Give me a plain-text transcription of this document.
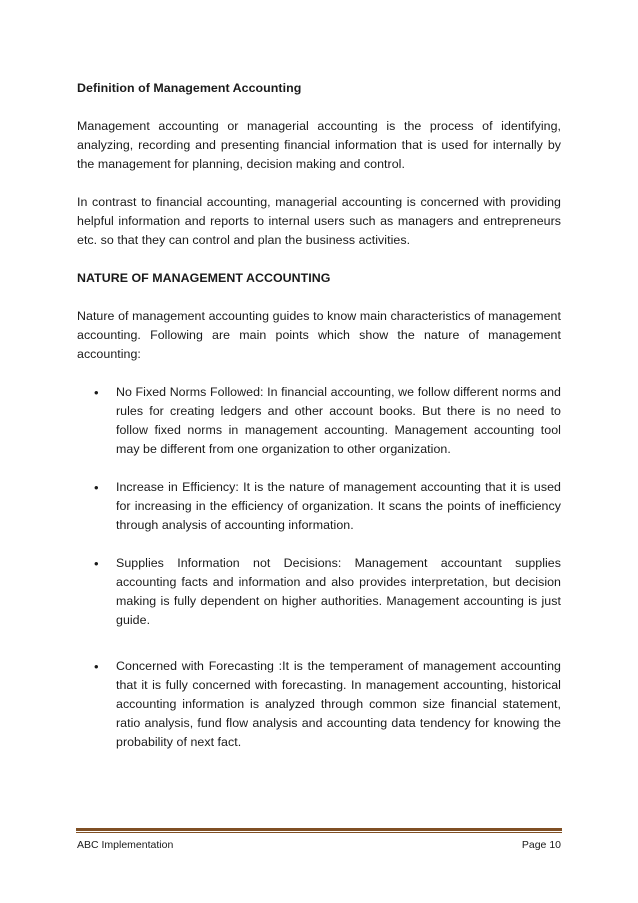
Definition of Management Accounting

Management accounting or managerial accounting is the process of identifying, analyzing, recording and presenting financial information that is used for internally by the management for planning, decision making and control.

In contrast to financial accounting, managerial accounting is concerned with providing helpful information and reports to internal users such as managers and entrepreneurs etc. so that they can control and plan the business activities.

NATURE OF MANAGEMENT ACCOUNTING

Nature of management accounting guides to know main characteristics of management accounting. Following are main points which show the nature of management accounting:

• No Fixed Norms Followed: In financial accounting, we follow different norms and rules for creating ledgers and other account books. But there is no need to follow fixed norms in management accounting. Management accounting tool may be different from one organization to other organization.
• Increase in Efficiency: It is the nature of management accounting that it is used for increasing in the efficiency of organization. It scans the points of inefficiency through analysis of accounting information.
• Supplies Information not Decisions: Management accountant supplies accounting facts and information and also provides interpretation, but decision making is fully dependent on higher authorities. Management accounting is just guide.
• Concerned with Forecasting :It is the temperament of management accounting that it is fully concerned with forecasting. In management accounting, historical accounting information is analyzed through common size financial statement, ratio analysis, fund flow analysis and accounting data tendency for knowing the probability of next fact.
ABC Implementation	Page 10
